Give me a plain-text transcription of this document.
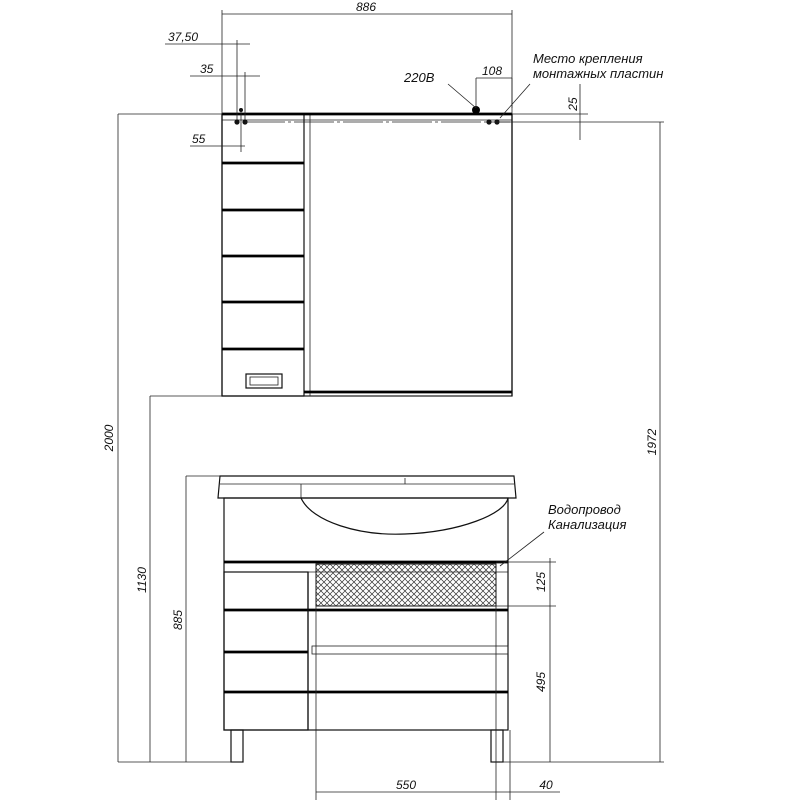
886
37,50
35
55
108
25
2000
1130
885
1972
125
495
550	40
220В
Место крепления
монтажных пластин
Водопровод
Канализация
